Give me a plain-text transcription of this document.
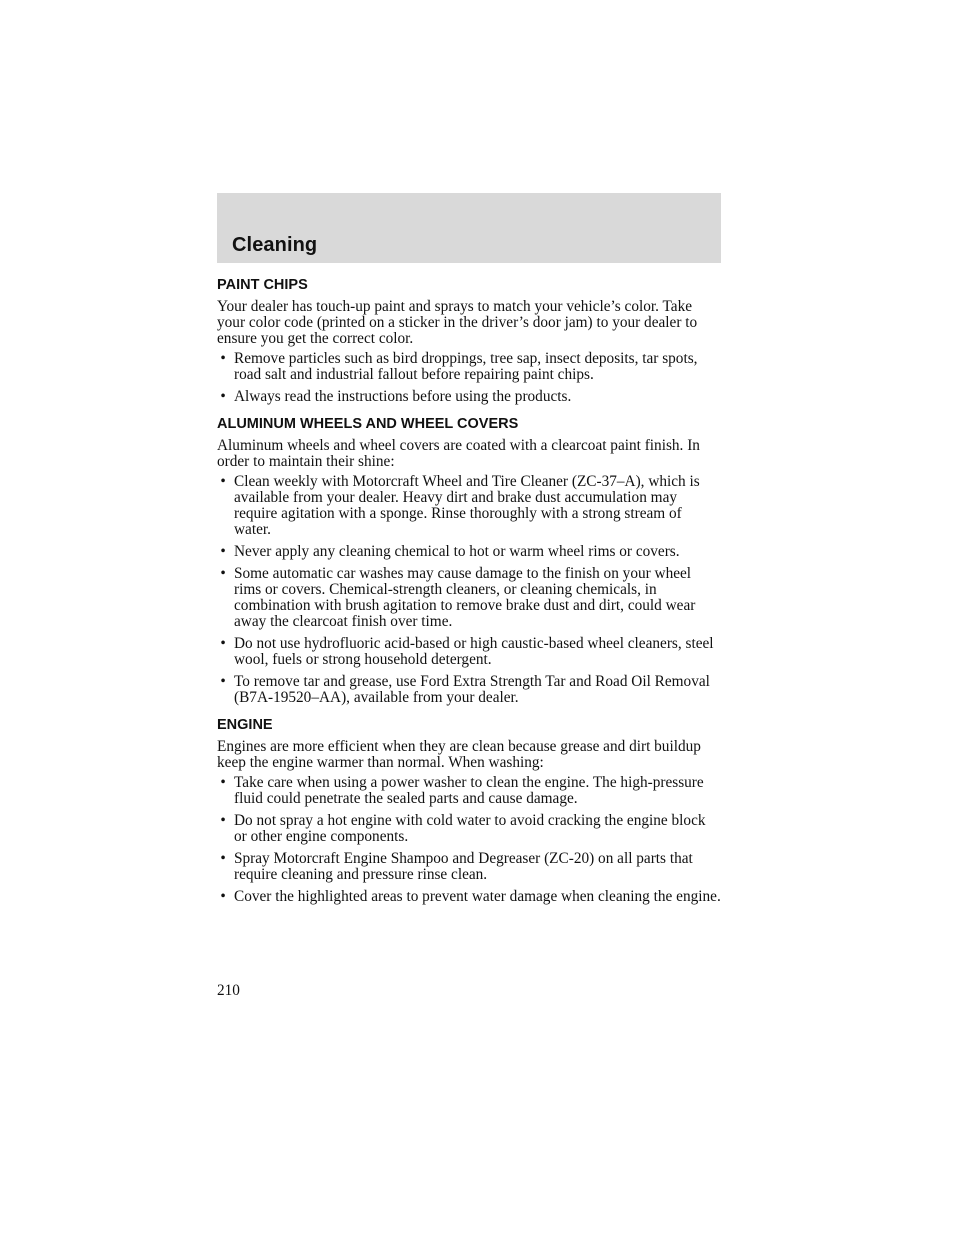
Cleaning
PAINT CHIPS

Your dealer has touch-up paint and sprays to match your vehicle’s color. Take your color code (printed on a sticker in the driver’s door jam) to your dealer to ensure you get the correct color.

• Remove particles such as bird droppings, tree sap, insect deposits, tar spots, road salt and industrial fallout before repairing paint chips.
• Always read the instructions before using the products.
ALUMINUM WHEELS AND WHEEL COVERS

Aluminum wheels and wheel covers are coated with a clearcoat paint finish. In order to maintain their shine:

• Clean weekly with Motorcraft Wheel and Tire Cleaner (ZC-37–A), which is available from your dealer. Heavy dirt and brake dust accumulation may require agitation with a sponge. Rinse thoroughly with a strong stream of water.
• Never apply any cleaning chemical to hot or warm wheel rims or covers.
• Some automatic car washes may cause damage to the finish on your wheel rims or covers. Chemical-strength cleaners, or cleaning chemicals, in combination with brush agitation to remove brake dust and dirt, could wear away the clearcoat finish over time.
• Do not use hydrofluoric acid-based or high caustic-based wheel cleaners, steel wool, fuels or strong household detergent.
• To remove tar and grease, use Ford Extra Strength Tar and Road Oil Removal (B7A-19520–AA), available from your dealer.
ENGINE

Engines are more efficient when they are clean because grease and dirt buildup keep the engine warmer than normal. When washing:

• Take care when using a power washer to clean the engine. The high-pressure fluid could penetrate the sealed parts and cause damage.
• Do not spray a hot engine with cold water to avoid cracking the engine block or other engine components.
• Spray Motorcraft Engine Shampoo and Degreaser (ZC-20) on all parts that require cleaning and pressure rinse clean.
• Cover the highlighted areas to prevent water damage when cleaning the engine.
210
